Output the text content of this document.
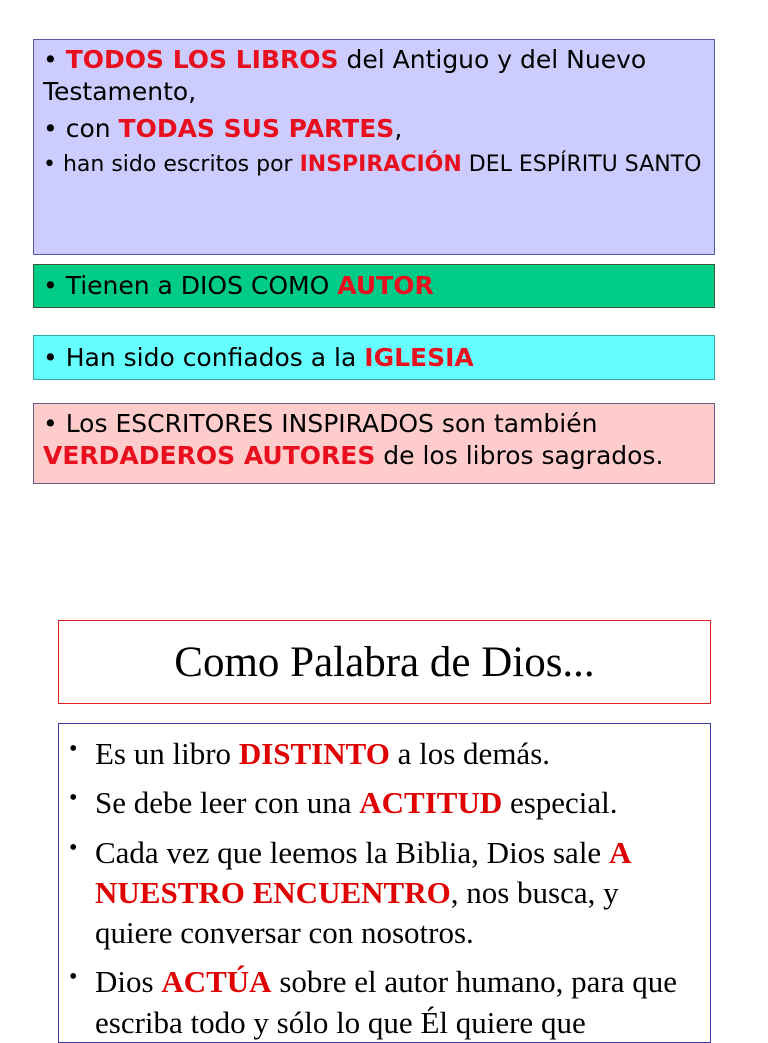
• TODOS LOS LIBROS del Antiguo y del Nuevo Testamento,

• con TODAS SUS PARTES,

• han sido escritos por INSPIRACIÓN DEL ESPÍRITU SANTO

• Tienen a DIOS COMO AUTOR
• Han sido confiados a la IGLESIA
• Los ESCRITORES INSPIRADOS son también VERDADEROS AUTORES de los libros sagrados.
Como Palabra de Dios...
• Es un libro DISTINTO a los demás.
• Se debe leer con una ACTITUD especial.
• Cada vez que leemos la Biblia, Dios sale A NUESTRO ENCUENTRO, nos busca, y quiere conversar con nosotros.
• Dios ACTÚA sobre el autor humano, para que escriba todo y sólo lo que Él quiere que
